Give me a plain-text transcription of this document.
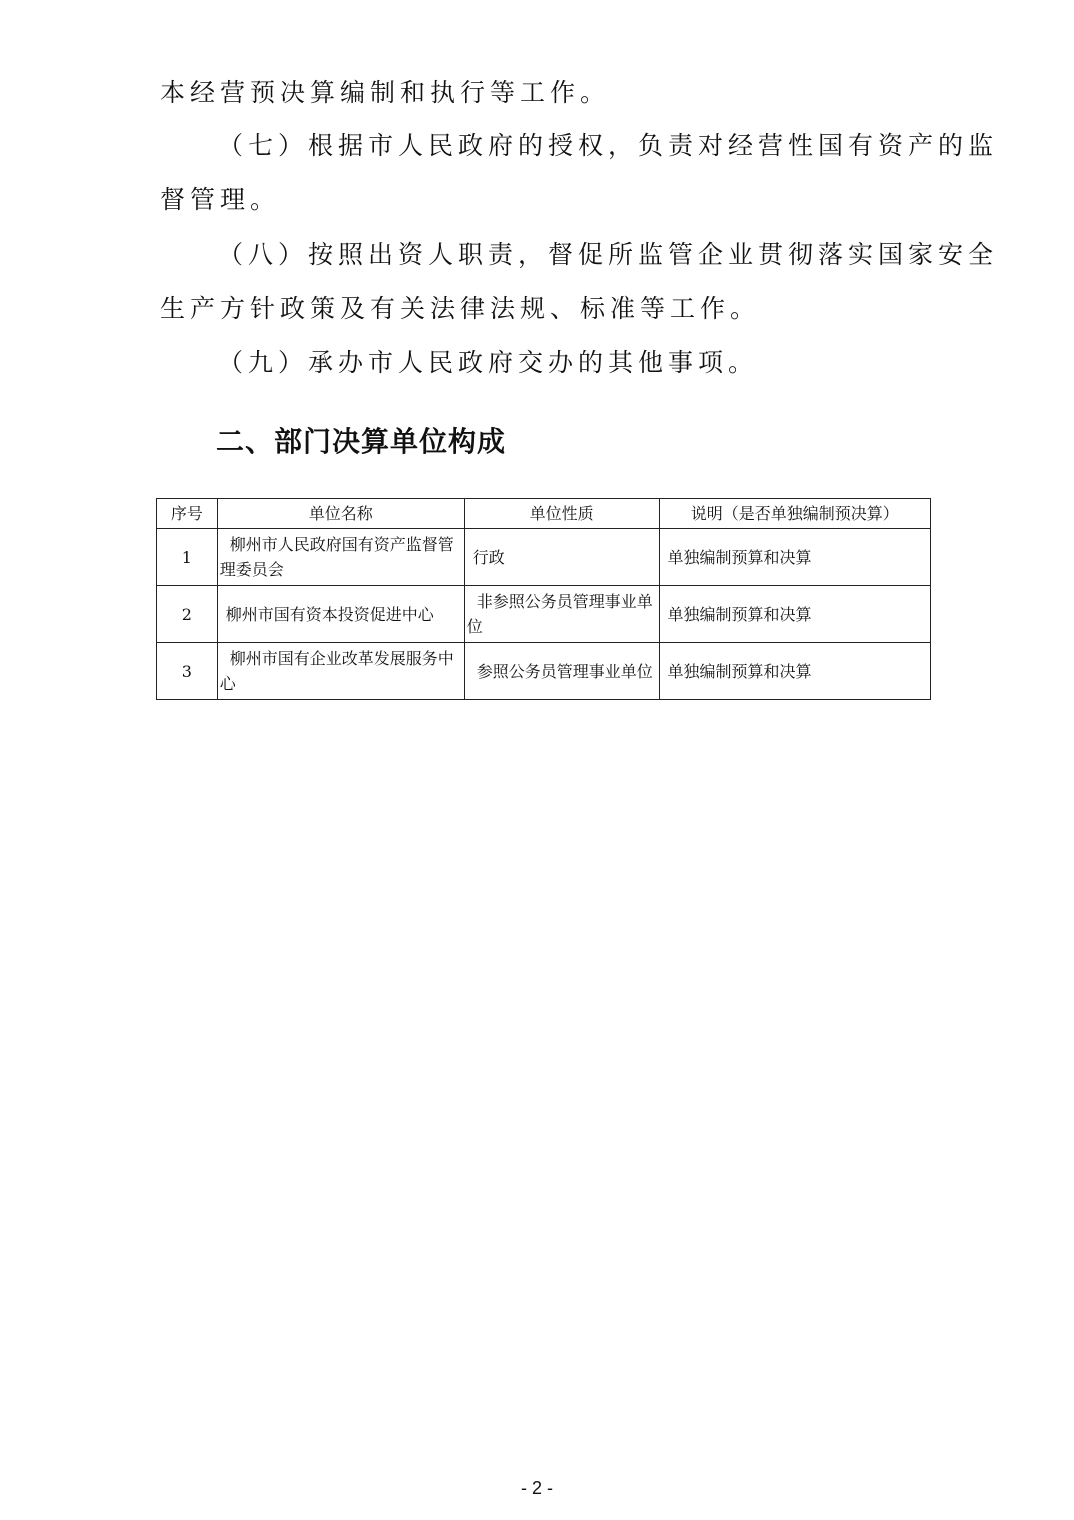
本经营预决算编制和执行等工作。

（七）根据市人民政府的授权，负责对经营性国有资产的监

督管理。

（八）按照出资人职责，督促所监管企业贯彻落实国家安全

生产方针政策及有关法律法规、标准等工作。

（九）承办市人民政府交办的其他事项。

二、部门决算单位构成
序号	单位名称	单位性质	说明（是否单独编制预决算）
1	柳州市人民政府国有资产监督管理委员会	行政	单独编制预算和决算
2	柳州市国有资本投资促进中心	非参照公务员管理事业单位	单独编制预算和决算
3	柳州市国有企业改革发展服务中心	参照公务员管理事业单位	单独编制预算和决算
- 2 -
